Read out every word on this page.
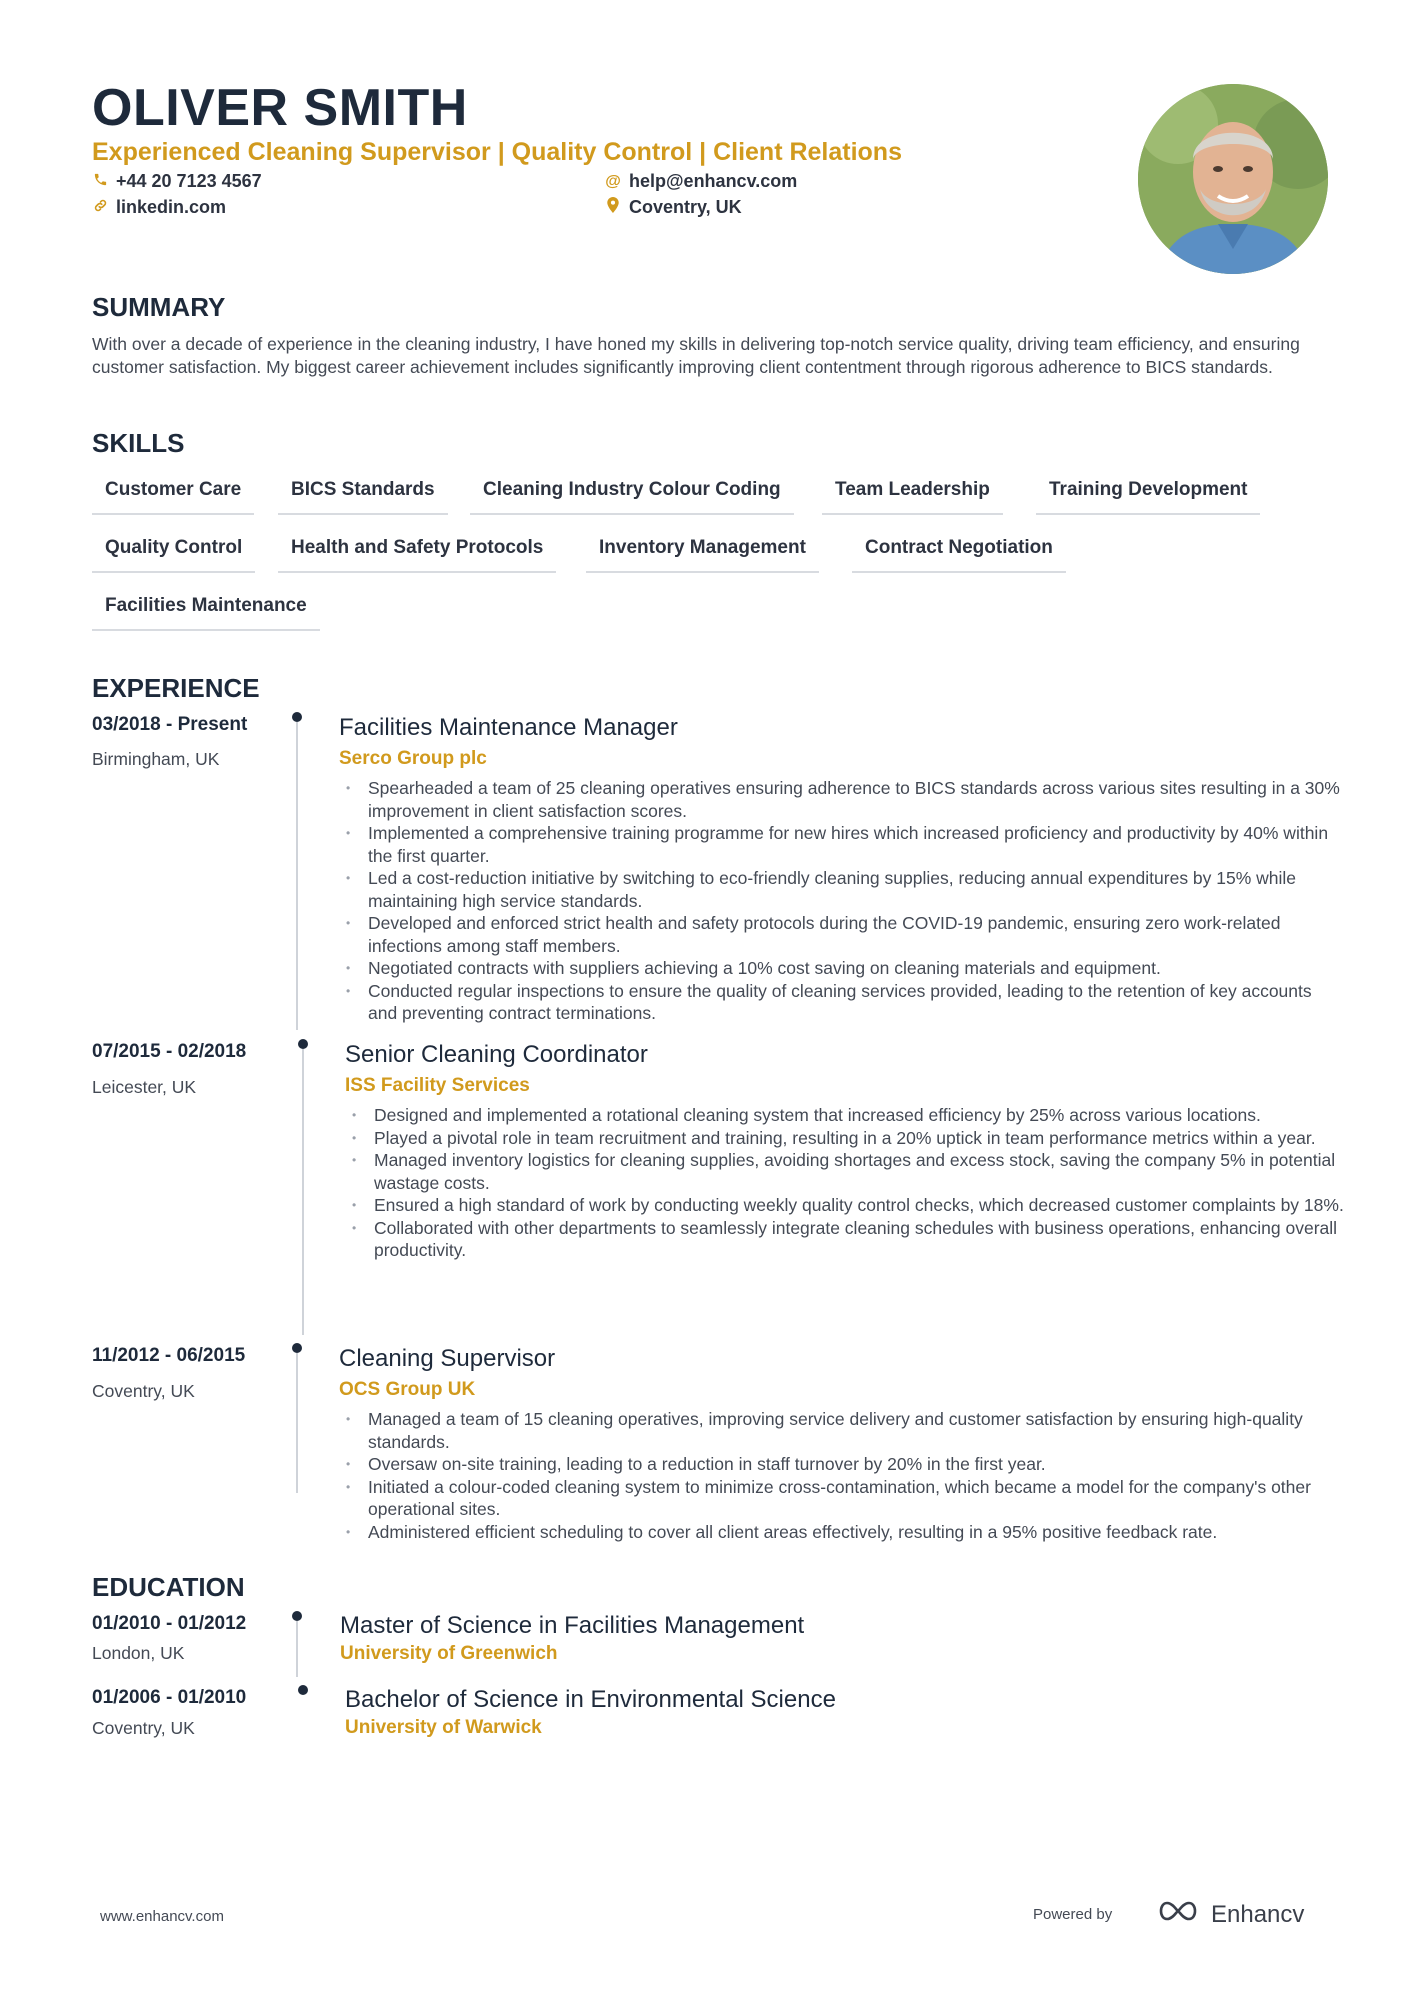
OLIVER SMITH
Experienced Cleaning Supervisor | Quality Control | Client Relations
+44 20 7123 4567	@ help@enhancv.com
linkedin.com	Coventry, UK
SUMMARY
With over a decade of experience in the cleaning industry, I have honed my skills in delivering top-notch service quality, driving team efficiency, and ensuring customer satisfaction. My biggest career achievement includes significantly improving client contentment through rigorous adherence to BICS standards.
SKILLS
Customer Care	BICS Standards	Cleaning Industry Colour Coding	Team Leadership	Training Development
Quality Control	Health and Safety Protocols	Inventory Management	Contract Negotiation
Facilities Maintenance
EXPERIENCE
03/2018 - Present
Birmingham, UK
Facilities Maintenance Manager
Serco Group plc
• Spearheaded a team of 25 cleaning operatives ensuring adherence to BICS standards across various sites resulting in a 30% improvement in client satisfaction scores.
• Implemented a comprehensive training programme for new hires which increased proficiency and productivity by 40% within the first quarter.
• Led a cost-reduction initiative by switching to eco-friendly cleaning supplies, reducing annual expenditures by 15% while maintaining high service standards.
• Developed and enforced strict health and safety protocols during the COVID-19 pandemic, ensuring zero work-related infections among staff members.
• Negotiated contracts with suppliers achieving a 10% cost saving on cleaning materials and equipment.
• Conducted regular inspections to ensure the quality of cleaning services provided, leading to the retention of key accounts and preventing contract terminations.
07/2015 - 02/2018
Leicester, UK
Senior Cleaning Coordinator
ISS Facility Services
• Designed and implemented a rotational cleaning system that increased efficiency by 25% across various locations.
• Played a pivotal role in team recruitment and training, resulting in a 20% uptick in team performance metrics within a year.
• Managed inventory logistics for cleaning supplies, avoiding shortages and excess stock, saving the company 5% in potential wastage costs.
• Ensured a high standard of work by conducting weekly quality control checks, which decreased customer complaints by 18%.
• Collaborated with other departments to seamlessly integrate cleaning schedules with business operations, enhancing overall productivity.
11/2012 - 06/2015
Coventry, UK
Cleaning Supervisor
OCS Group UK
• Managed a team of 15 cleaning operatives, improving service delivery and customer satisfaction by ensuring high-quality standards.
• Oversaw on-site training, leading to a reduction in staff turnover by 20% in the first year.
• Initiated a colour-coded cleaning system to minimize cross-contamination, which became a model for the company's other operational sites.
• Administered efficient scheduling to cover all client areas effectively, resulting in a 95% positive feedback rate.
EDUCATION
01/2010 - 01/2012
London, UK
Master of Science in Facilities Management
University of Greenwich
01/2006 - 01/2010
Coventry, UK
Bachelor of Science in Environmental Science
University of Warwick
www.enhancv.com	Powered by	Enhancv
